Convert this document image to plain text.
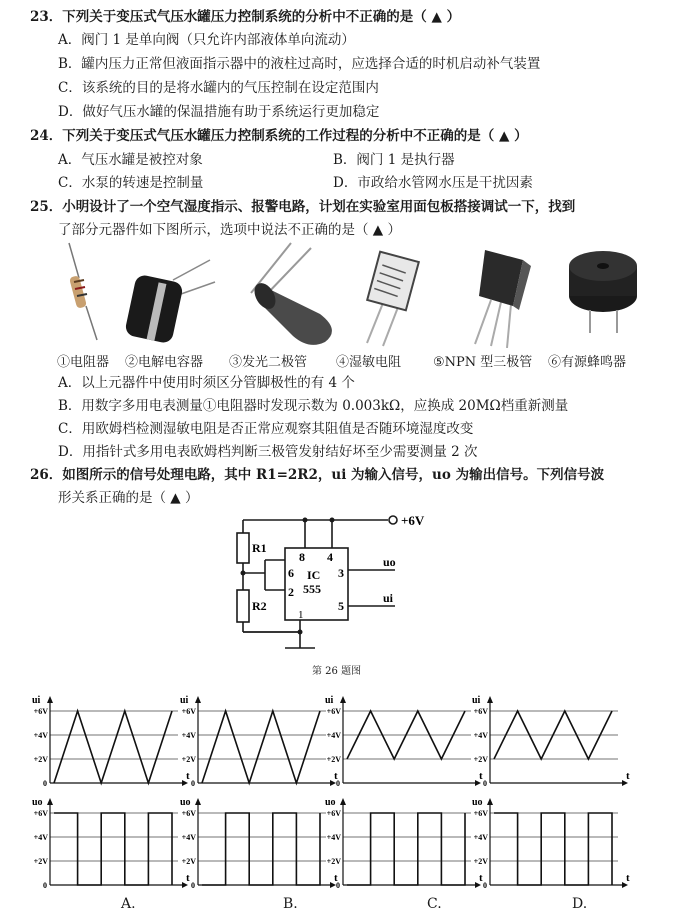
23．下列关于变压式气压水罐压力控制系统的分析中不正确的是（ ▲ ）
A．阀门 1 是单向阀（只允许内部液体单向流动）
B．罐内压力正常但液面指示器中的液柱过高时，应选择合适的时机启动补气装置
C．该系统的目的是将水罐内的气压控制在设定范围内
D．做好气压水罐的保温措施有助于系统运行更加稳定
24．下列关于变压式气压水罐压力控制系统的工作过程的分析中不正确的是（ ▲ ）
A．气压水罐是被控对象	B．阀门 1 是执行器
C．水泵的转速是控制量	D．市政给水管网水压是干扰因素
25．小明设计了一个空气湿度指示、报警电路，计划在实验室用面包板搭接调试一下，找到
了部分元器件如下图所示，选项中说法不正确的是（ ▲ ）
①电阻器 ②电解电容器 ③发光二极管 ④湿敏电阻 ⑤NPN 型三极管 ⑥有源蜂鸣器
A．以上元器件中使用时须区分管脚极性的有 4 个
B．用数字多用电表测量①电阻器时发现示数为 0.003kΩ，应换成 20MΩ档重新测量
C．用欧姆档检测湿敏电阻是否正常应观察其阻值是否随环境湿度改变
D．用指针式多用电表欧姆档判断三极管发射结好坏至少需要测量 2 次
26．如图所示的信号处理电路，其中 R1=2R2，ui 为输入信号，uo 为输出信号。下列信号波
形关系正确的是（ ▲ ）
+6V
R1
R2
8 4
6
2
3
5
1
IC
555
uo
ui
第 26 题图
+6V
+4V
+2V
0
ui
t
+6V
+4V
+2V
0
uo
t
+6V
+4V
+2V
0
ui
t
+6V
+4V
+2V
0
uo
t
+6V
+4V
+2V
0
ui
t
+6V
+4V
+2V
0
uo
t
+6V
+4V
+2V
0
ui
t
+6V
+4V
+2V
0
uo
t
A.	B.	C.	D.
